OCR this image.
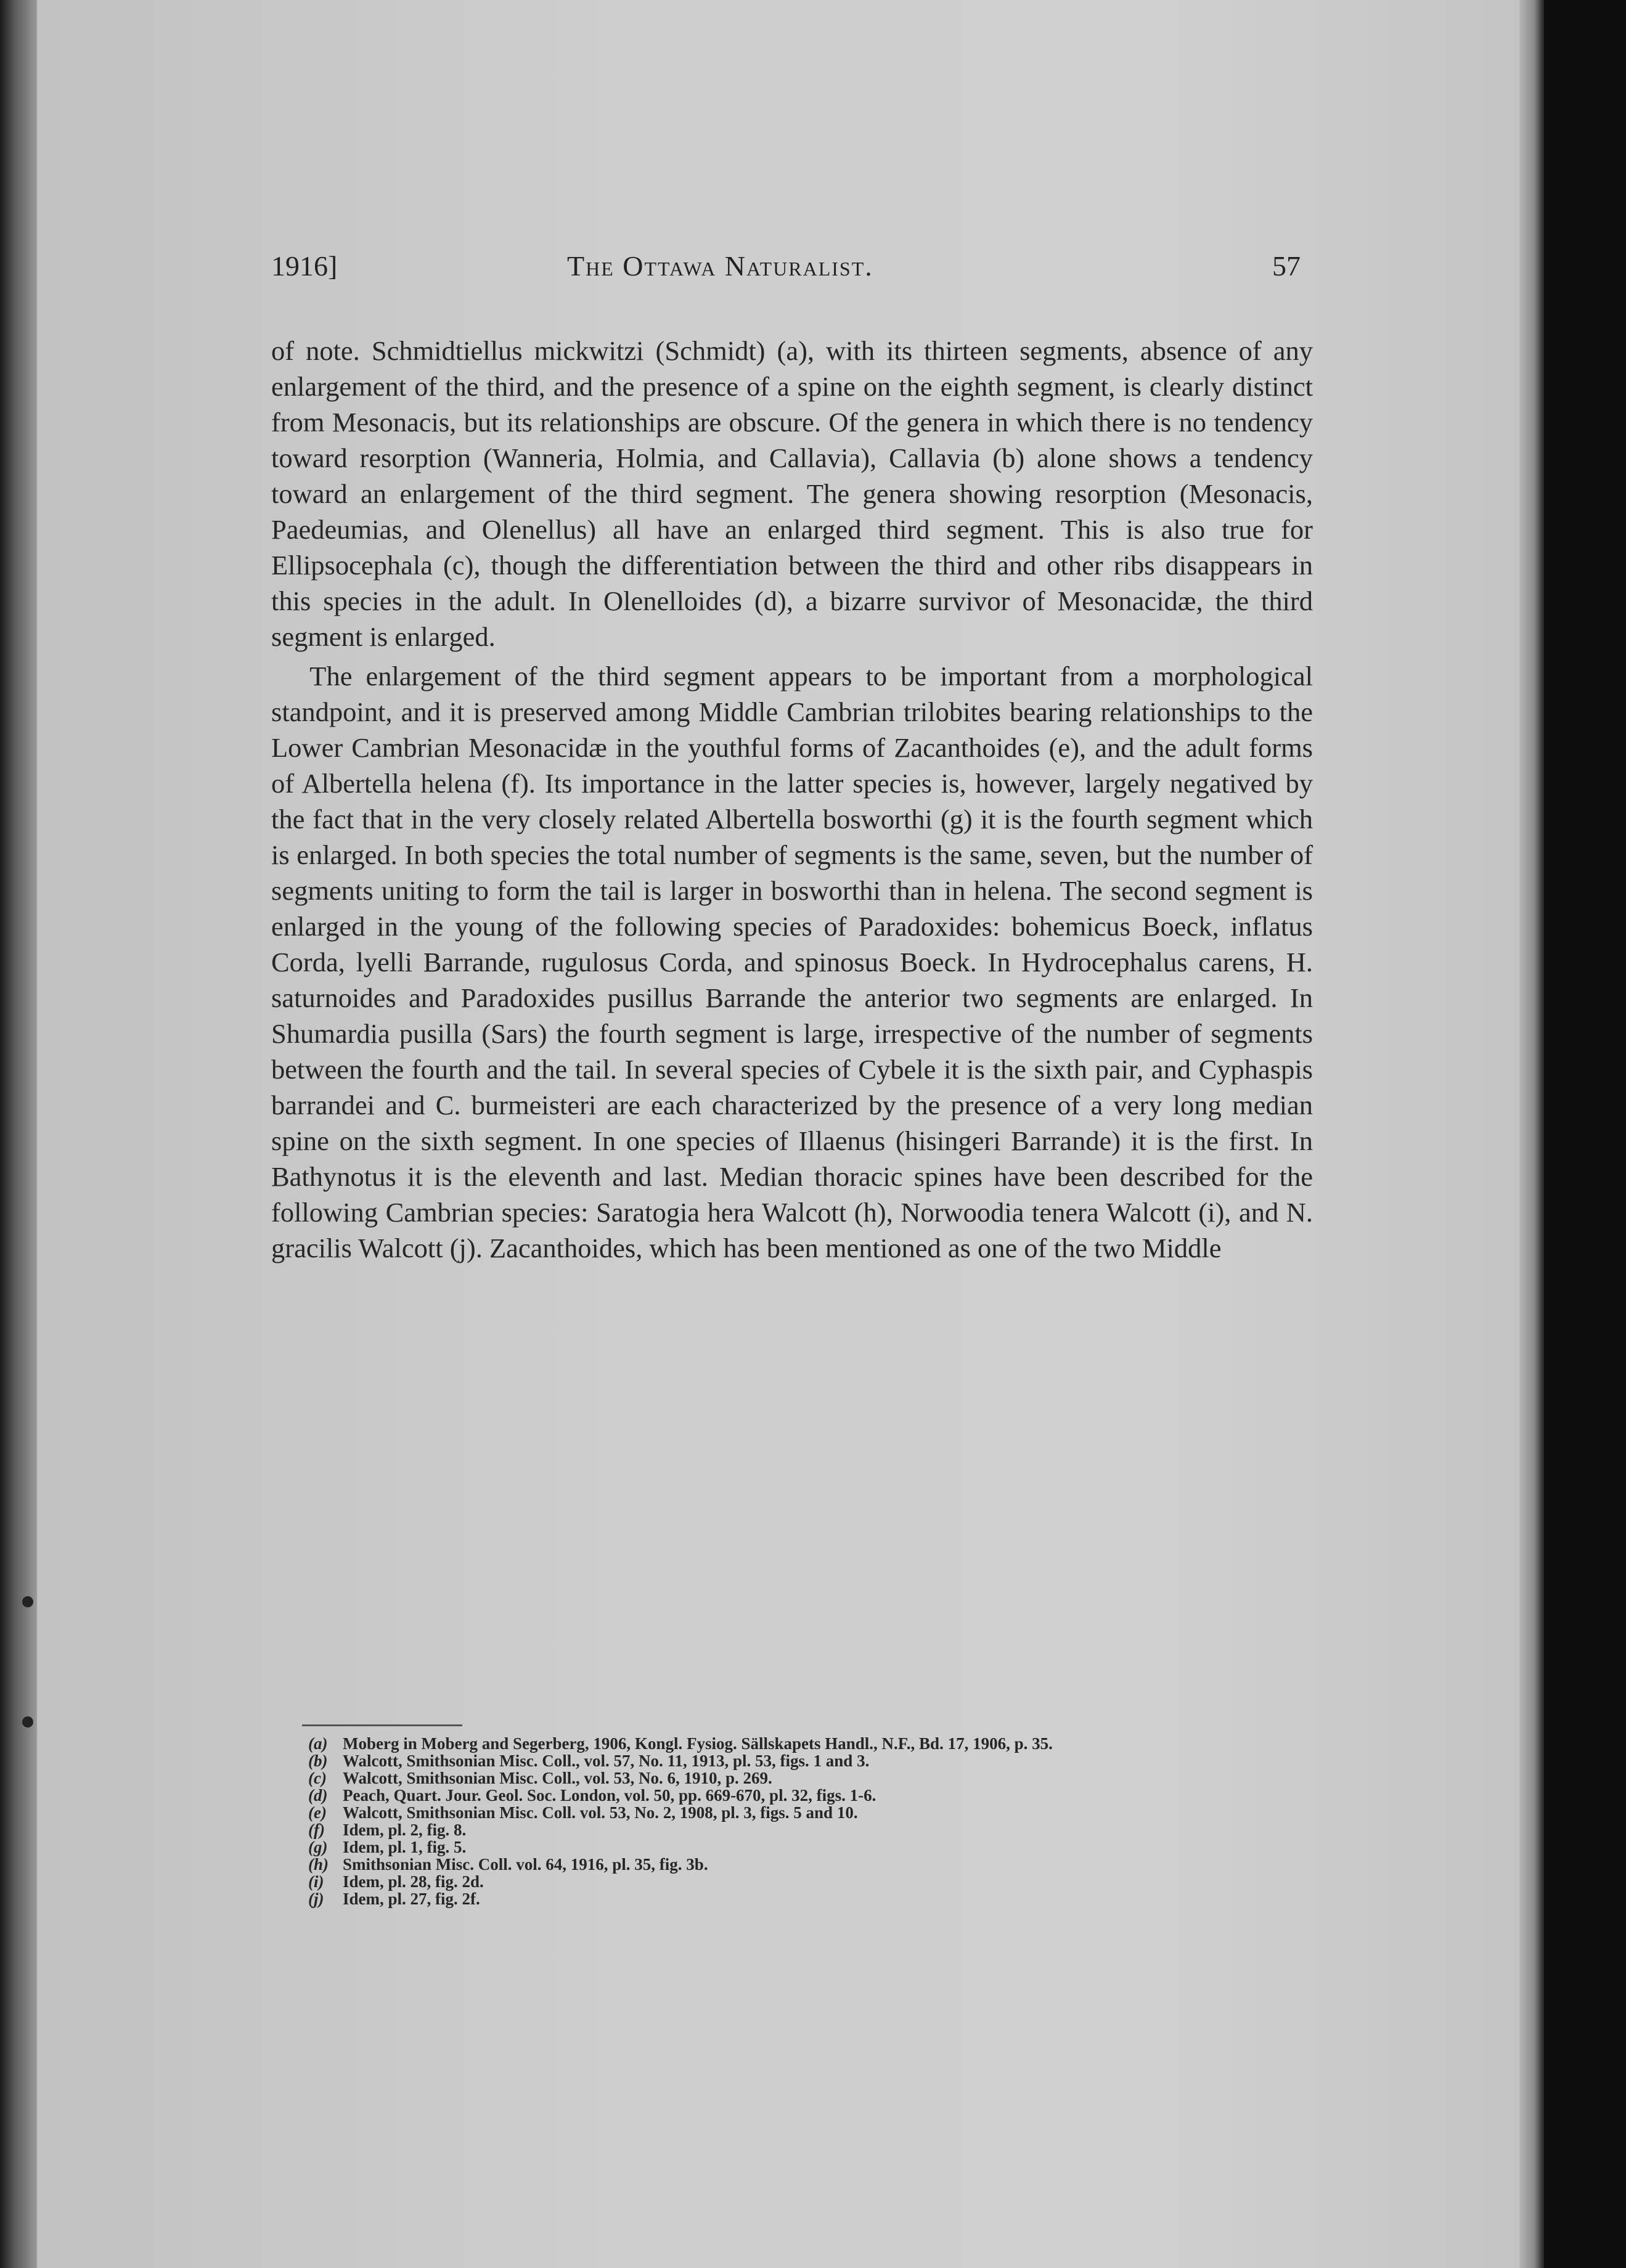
1916]	The Ottawa Naturalist.	57

of note. Schmidtiellus mickwitzi (Schmidt) (a), with its thirteen segments, absence of any enlargement of the third, and the presence of a spine on the eighth segment, is clearly distinct from Mesonacis, but its relationships are obscure. Of the genera in which there is no tendency toward resorption (Wanneria, Holmia, and Callavia), Callavia (b) alone shows a tendency toward an enlargement of the third segment. The genera showing resorption (Mesonacis, Paedeumias, and Olenellus) all have an enlarged third segment. This is also true for Ellipsocephala (c), though the differentiation between the third and other ribs disappears in this species in the adult. In Olenelloides (d), a bizarre survivor of Mesonacidæ, the third segment is enlarged.

The enlargement of the third segment appears to be important from a morphological standpoint, and it is preserved among Middle Cambrian trilobites bearing relationships to the Lower Cambrian Mesonacidæ in the youthful forms of Zacanthoides (e), and the adult forms of Albertella helena (f). Its importance in the latter species is, however, largely negatived by the fact that in the very closely related Albertella bosworthi (g) it is the fourth segment which is enlarged. In both species the total number of segments is the same, seven, but the number of segments uniting to form the tail is larger in bosworthi than in helena. The second segment is enlarged in the young of the following species of Paradoxides: bohemicus Boeck, inflatus Corda, lyelli Barrande, rugulosus Corda, and spinosus Boeck. In Hydrocephalus carens, H. saturnoides and Paradoxides pusillus Barrande the anterior two segments are enlarged. In Shumardia pusilla (Sars) the fourth segment is large, irrespective of the number of segments between the fourth and the tail. In several species of Cybele it is the sixth pair, and Cyphaspis barrandei and C. burmeisteri are each characterized by the presence of a very long median spine on the sixth segment. In one species of Illaenus (hisingeri Barrande) it is the first. In Bathynotus it is the eleventh and last. Median thoracic spines have been described for the following Cambrian species: Saratogia hera Walcott (h), Norwoodia tenera Walcott (i), and N. gracilis Walcott (j). Zacanthoides, which has been mentioned as one of the two Middle

(a) Moberg in Moberg and Segerberg, 1906, Kongl. Fysiog. Sällskapets Handl., N.F., Bd. 17, 1906, p. 35.
(b) Walcott, Smithsonian Misc. Coll., vol. 57, No. 11, 1913, pl. 53, figs. 1 and 3.
(c) Walcott, Smithsonian Misc. Coll., vol. 53, No. 6, 1910, p. 269.
(d) Peach, Quart. Jour. Geol. Soc. London, vol. 50, pp. 669-670, pl. 32, figs. 1-6.
(e) Walcott, Smithsonian Misc. Coll. vol. 53, No. 2, 1908, pl. 3, figs. 5 and 10.
(f)	Idem, pl. 2, fig. 8.
(g) Idem, pl. 1, fig. 5.
(h) Smithsonian Misc. Coll. vol. 64, 1916, pl. 35, fig. 3b.
(i)	Idem, pl. 28, fig. 2d.
(j)	Idem, pl. 27, fig. 2f.
